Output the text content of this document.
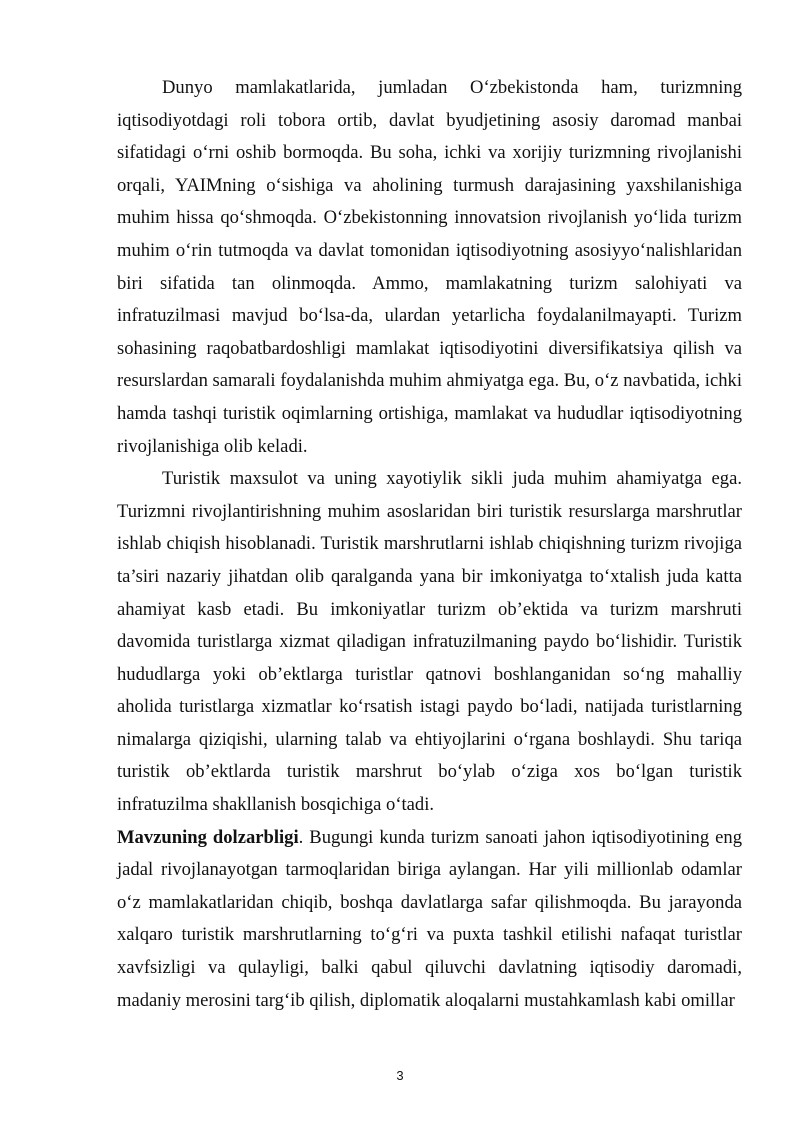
Dunyo mamlakatlarida, jumladan O‘zbekistonda ham, turizmning iqtisodiyotdagi roli tobora ortib, davlat byudjetining asosiy daromad manbai sifatidagi o‘rni oshib bormoqda. Bu soha, ichki va xorijiy turizmning rivojlanishi orqali, YAIMning o‘sishiga va aholining turmush darajasining yaxshilanishiga muhim hissa qo‘shmoqda. O‘zbekistonning innovatsion rivojlanish yo‘lida turizm muhim o‘rin tutmoqda va davlat tomonidan iqtisodiyotning asosiyyo‘nalishlaridan biri sifatida tan olinmoqda. Ammo, mamlakatning turizm salohiyati va infratuzilmasi mavjud bo‘lsa-da, ulardan yetarlicha foydalanilmayapti. Turizm sohasining raqobatbardoshligi mamlakat iqtisodiyotini diversifikatsiya qilish va resurslardan samarali foydalanishda muhim ahmiyatga ega. Bu, o‘z navbatida, ichki hamda tashqi turistik oqimlarning ortishiga, mamlakat va hududlar iqtisodiyotning rivojlanishiga olib keladi.

Turistik maxsulot va uning xayotiylik sikli juda muhim ahamiyatga ega. Turizmni rivojlantirishning muhim asoslaridan biri turistik resurslarga marshrutlar ishlab chiqish hisoblanadi. Turistik marshrutlarni ishlab chiqishning turizm rivojiga ta’siri nazariy jihatdan olib qaralganda yana bir imkoniyatga to‘xtalish juda katta ahamiyat kasb etadi. Bu imkoniyatlar turizm ob’ektida va turizm marshruti davomida turistlarga xizmat qiladigan infratuzilmaning paydo bo‘lishidir. Turistik hududlarga yoki ob’ektlarga turistlar qatnovi boshlanganidan so‘ng mahalliy aholida turistlarga xizmatlar ko‘rsatish istagi paydo bo‘ladi, natijada turistlarning nimalarga qiziqishi, ularning talab va ehtiyojlarini o‘rgana boshlaydi. Shu tariqa turistik ob’ektlarda turistik marshrut bo‘ylab o‘ziga xos bo‘lgan turistik infratuzilma shakllanish bosqichiga o‘tadi.

Mavzuning dolzarbligi. Bugungi kunda turizm sanoati jahon iqtisodiyotining eng jadal rivojlanayotgan tarmoqlaridan biriga aylangan. Har yili millionlab odamlar o‘z mamlakatlaridan chiqib, boshqa davlatlarga safar qilishmoqda. Bu jarayonda xalqaro turistik marshrutlarning to‘g‘ri va puxta tashkil etilishi nafaqat turistlar xavfsizligi va qulayligi, balki qabul qiluvchi davlatning iqtisodiy daromadi, madaniy merosini targ‘ib qilish, diplomatik aloqalarni mustahkamlash kabi omillar

3
